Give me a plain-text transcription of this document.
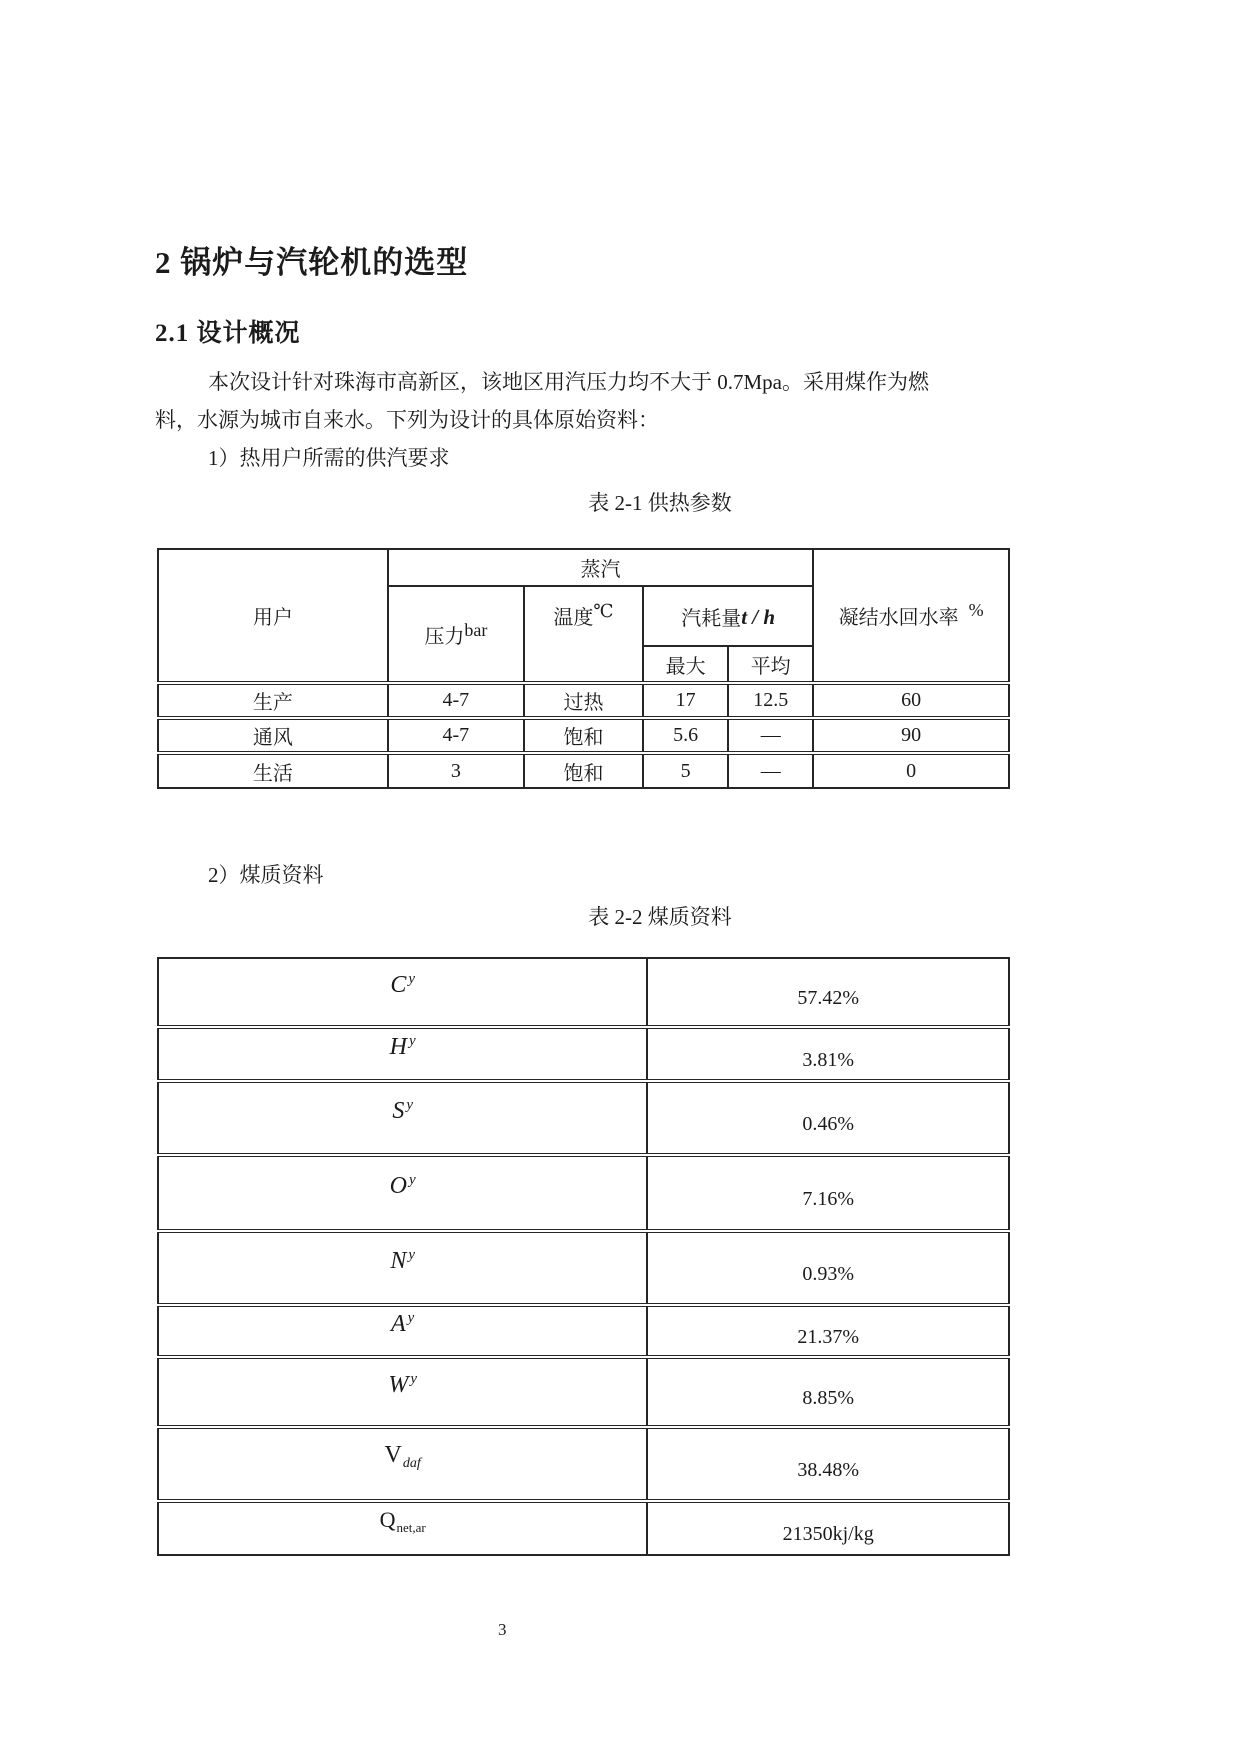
2 锅炉与汽轮机的选型
2.1 设计概况
本次设计针对珠海市高新区，该地区用汽压力均不大于 0.7Mpa。采用煤作为燃
料，水源为城市自来水。下列为设计的具体原始资料：
1）热用户所需的供汽要求
表 2-1 供热参数
用户	蒸汽				凝结水回水率 %
	压力bar	温度℃	汽耗量t / h		
			最大	平均	
生产	4-7	过热	17	12.5	60
通风	4-7	饱和	5.6	—	90
生活	3	饱和	5	—	0
2）煤质资料
表 2-2 煤质资料
C $^y$	57.42%
H $^y$	3.81%
S $^y$	0.46%
O $^y$	7.16%
N $^y$	0.93%
A $^y$	21.37%
W $^y$	8.85%
$V_{daf}$	38.48%
$Q_{net,ar}$	21350kj/kg
3
